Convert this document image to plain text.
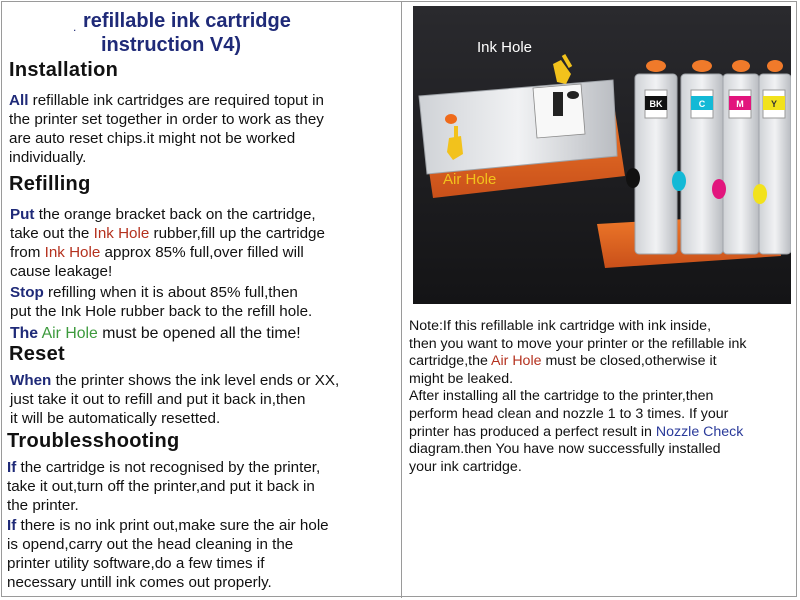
. refillable ink cartridge
instruction V4)
Installation
All refillable ink cartridges are required toput in
the printer set together in order to work as they
are auto reset chips.it might not be worked
individually.
Refilling
Put the orange bracket back on the cartridge,
take out the Ink Hole rubber,fill up the cartridge
from Ink Hole approx 85% full,over filled will
cause leakage!
Stop refilling when it is about 85% full,then
put the Ink Hole rubber back to the refill hole.
The Air Hole must be opened all the time!
Reset
When the printer shows the ink level ends or XX,
just take it out to refill and put it back in,then
it will be automatically resetted.
Troublesshooting
If the cartridge is not recognised by the printer,
take it out,turn off the printer,and put it back in
the printer.
If there is no ink print out,make sure the air hole
is opend,carry out the head cleaning in the
printer utility software,do a few times if
necessary untill ink comes out properly.
BK	C	M	Y
Ink Hole
Air Hole
Note:If this refillable ink cartridge with ink inside,
then you want to move your printer or the refillable ink
cartridge,the Air Hole must be closed,otherwise it
might be leaked.
After installing all the cartridge to the printer,then
perform head clean and nozzle 1 to 3 times. If your
printer has produced a perfect result in Nozzle Check
diagram.then You have now successfully installed
your ink cartridge.
